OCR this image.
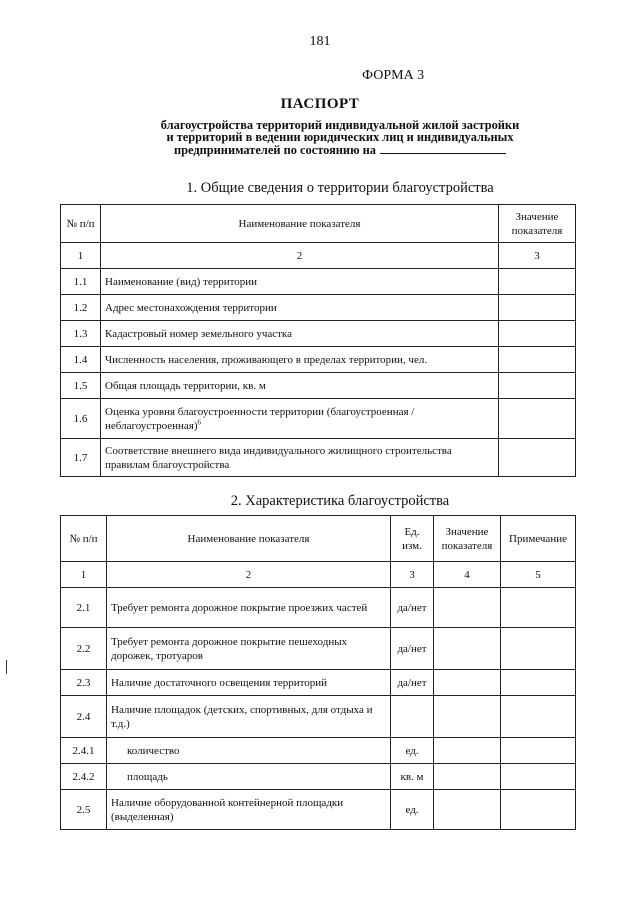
181
ФОРМА 3
ПАСПОРТ
благоустройства территорий индивидуальной жилой застройки
и территорий в ведении юридических лиц и индивидуальных
предпринимателей по состоянию на
1. Общие сведения о территории благоустройства
№ п/п	Наименование показателя	Значение показателя
1	2	3
1.1	Наименование (вид) территории	
1.2	Адрес местонахождения территории	
1.3	Кадастровый номер земельного участка	
1.4	Численность населения, проживающего в пределах территории, чел.	
1.5	Общая площадь территории, кв. м	
1.6	Оценка уровня благоустроенности территории (благоустроенная / неблагоустроенная)$^6$	
1.7	Соответствие внешнего вида индивидуального жилищного строительства правилам благоустройства	
2. Характеристика благоустройства
№ п/п	Наименование показателя	Ед. изм.	Значение показателя	Примечание
1	2	3	4	5
2.1	Требует ремонта дорожное покрытие проезжих частей	да/нет		
2.2	Требует ремонта дорожное покрытие пешеходных дорожек, тротуаров	да/нет		
2.3	Наличие достаточного освещения территорий	да/нет		
2.4	Наличие площадок (детских, спортивных, для отдыха и т.д.)			
2.4.1	количество	ед.		
2.4.2	площадь	кв. м		
2.5	Наличие оборудованной контейнерной площадки (выделенная)	ед.		
